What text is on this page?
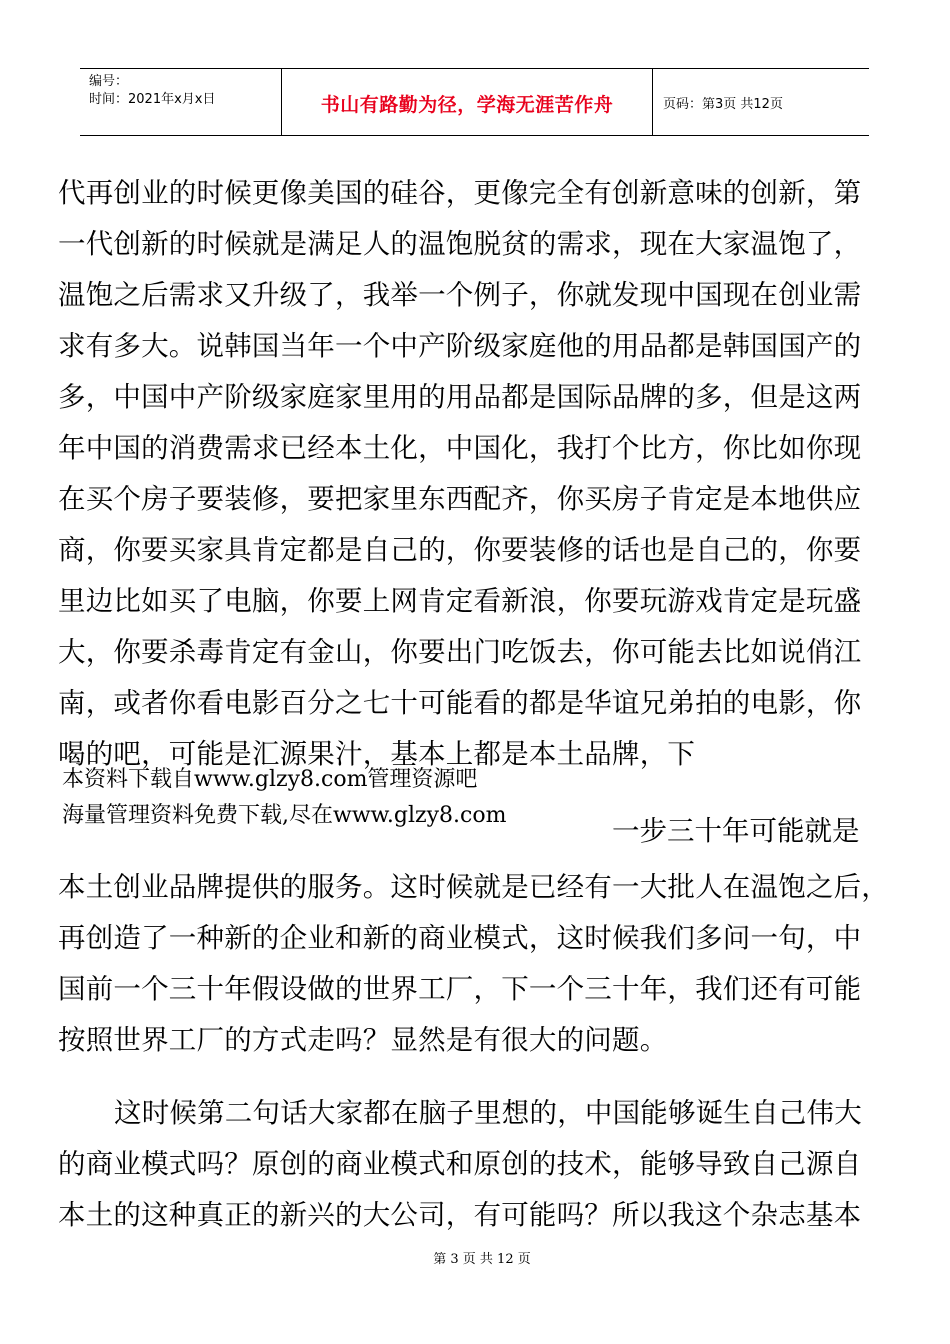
编号：
时间：2021年x月x日	书山有路勤为径，学海无涯苦作舟	页码：第3页 共12页
代再创业的时候更像美国的硅谷，更像完全有创新意味的创新，第
一代创新的时候就是满足人的温饱脱贫的需求，现在大家温饱了，
温饱之后需求又升级了，我举一个例子，你就发现中国现在创业需
求有多大。说韩国当年一个中产阶级家庭他的用品都是韩国国产的
多，中国中产阶级家庭家里用的用品都是国际品牌的多，但是这两
年中国的消费需求已经本土化，中国化，我打个比方，你比如你现
在买个房子要装修，要把家里东西配齐，你买房子肯定是本地供应
商，你要买家具肯定都是自己的，你要装修的话也是自己的，你要
里边比如买了电脑，你要上网肯定看新浪，你要玩游戏肯定是玩盛
大，你要杀毒肯定有金山，你要出门吃饭去，你可能去比如说俏江
南，或者你看电影百分之七十可能看的都是华谊兄弟拍的电影，你
喝的吧，可能是汇源果汁，基本上都是本土品牌，下
本资料下载自www.glzy8.com管理资源吧
海量管理资料免费下载,尽在www.glzy8.com	一步三十年可能就是
本土创业品牌提供的服务。这时候就是已经有一大批人在温饱之后，
再创造了一种新的企业和新的商业模式，这时候我们多问一句，中
国前一个三十年假设做的世界工厂，下一个三十年，我们还有可能
按照世界工厂的方式走吗？显然是有很大的问题。
这时候第二句话大家都在脑子里想的，中国能够诞生自己伟大
的商业模式吗？原创的商业模式和原创的技术，能够导致自己源自
本土的这种真正的新兴的大公司，有可能吗？所以我这个杂志基本
第 3 页 共 12 页
